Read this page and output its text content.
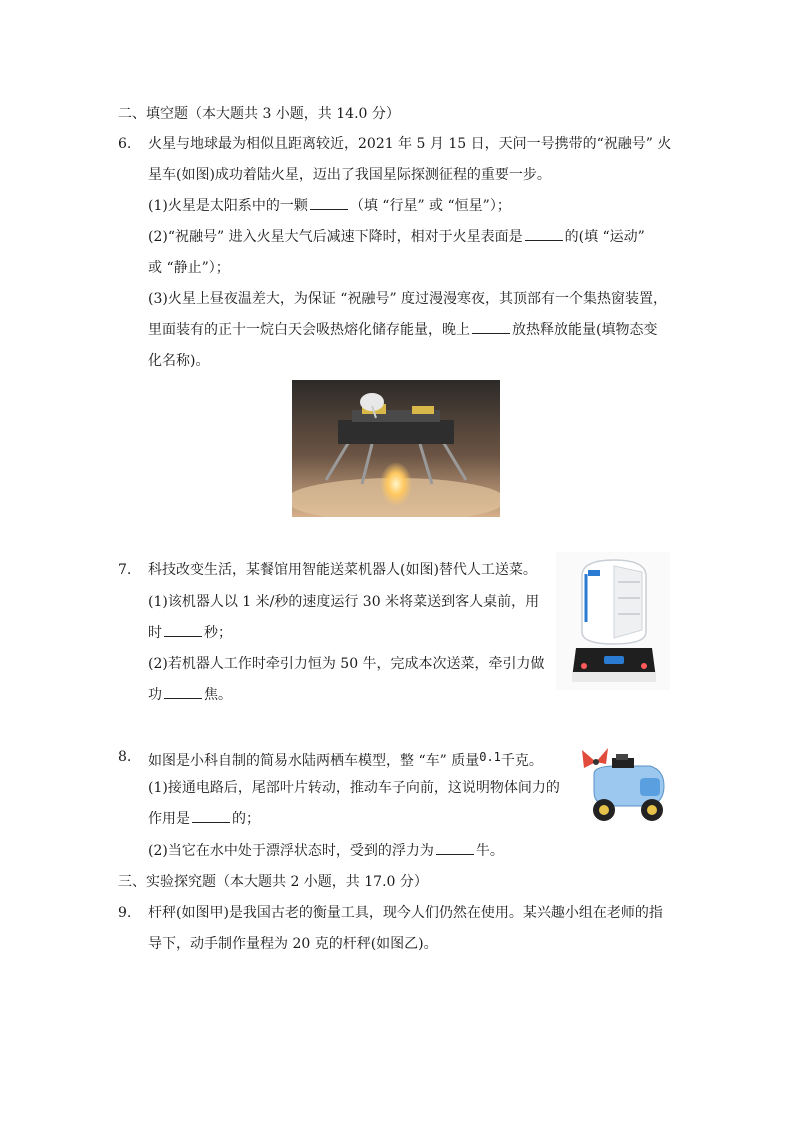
二、填空题（本大题共 3 小题，共 14.0 分）
6. 火星与地球最为相似且距离较近，2021 年 5 月 15 日，天问一号携带的“祝融号” 火
星车(如图)成功着陆火星，迈出了我国星际探测征程的重要一步。
(1)火星是太阳系中的一颗	（填 “行星” 或 “恒星”）；
(2)“祝融号” 进入火星大气后减速下降时，相对于火星表面是	的(填 “运动”
或 “静止”）；
(3)火星上昼夜温差大，为保证 “祝融号” 度过漫漫寒夜，其顶部有一个集热窗装置，
里面装有的正十一烷白天会吸热熔化储存能量，晚上	放热释放能量(填物态变
化名称)。
7. 科技改变生活，某餐馆用智能送菜机器人(如图)替代人工送菜。
(1)该机器人以 1 米/秒的速度运行 30 米将菜送到客人桌前，用
时	秒；
(2)若机器人工作时牵引力恒为 50 牛，完成本次送菜，牵引力做
功	焦。
8. 如图是小科自制的简易水陆两栖车模型，整 “车” 质量0.1千克。
(1)接通电路后，尾部叶片转动，推动车子向前，这说明物体间力的
作用是	的；
(2)当它在水中处于漂浮状态时，受到的浮力为	牛。
三、实验探究题（本大题共 2 小题，共 17.0 分）
9. 杆秤(如图甲)是我国古老的衡量工具，现今人们仍然在使用。某兴趣小组在老师的指
导下，动手制作量程为 20 克的杆秤(如图乙)。
